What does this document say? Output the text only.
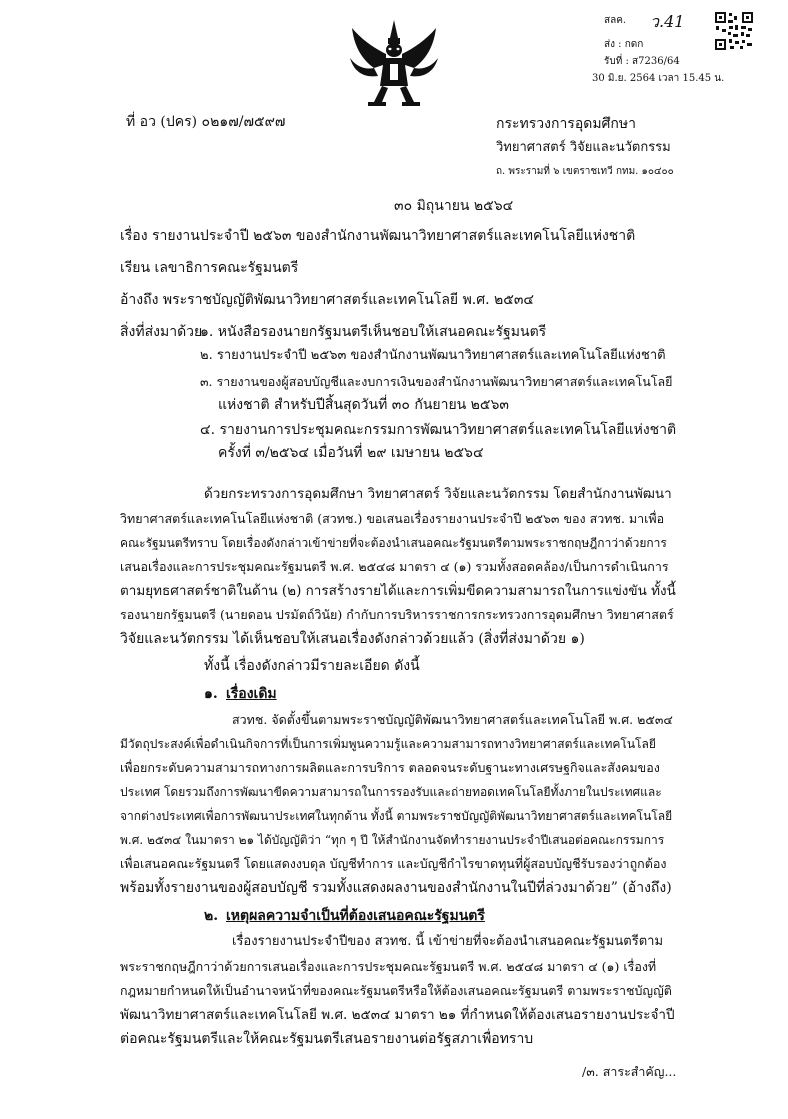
สลค. ว.41
ส่ง : กดก
รับที่ : ส7236/64
30 มิ.ย. 2564 เวลา 15.45 น.
ที่ อว (ปคร) ๐๒๑๗/๗๕๙๗	กระทรวงการอุดมศึกษา
วิทยาศาสตร์ วิจัยและนวัตกรรม
ถ. พระรามที่ ๖ เขตราชเทวี กทม. ๑๐๔๐๐
๓๐ มิถุนายน ๒๕๖๔
เรื่อง รายงานประจำปี ๒๕๖๓ ของสำนักงานพัฒนาวิทยาศาสตร์และเทคโนโลยีแห่งชาติ
เรียน เลขาธิการคณะรัฐมนตรี
อ้างถึง พระราชบัญญัติพัฒนาวิทยาศาสตร์และเทคโนโลยี พ.ศ. ๒๕๓๔
สิ่งที่ส่งมาด้วย
๑. หนังสือรองนายกรัฐมนตรีเห็นชอบให้เสนอคณะรัฐมนตรี
๒. รายงานประจำปี ๒๕๖๓ ของสำนักงานพัฒนาวิทยาศาสตร์และเทคโนโลยีแห่งชาติ
๓. รายงานของผู้สอบบัญชีและงบการเงินของสำนักงานพัฒนาวิทยาศาสตร์และเทคโนโลยี
แห่งชาติ สำหรับปีสิ้นสุดวันที่ ๓๐ กันยายน ๒๕๖๓
๔. รายงานการประชุมคณะกรรมการพัฒนาวิทยาศาสตร์และเทคโนโลยีแห่งชาติ
ครั้งที่ ๓/๒๕๖๔ เมื่อวันที่ ๒๙ เมษายน ๒๕๖๔
ด้วยกระทรวงการอุดมศึกษา วิทยาศาสตร์ วิจัยและนวัตกรรม โดยสำนักงานพัฒนา
วิทยาศาสตร์และเทคโนโลยีแห่งชาติ (สวทช.) ขอเสนอเรื่องรายงานประจำปี ๒๕๖๓ ของ สวทช. มาเพื่อ
คณะรัฐมนตรีทราบ โดยเรื่องดังกล่าวเข้าข่ายที่จะต้องนำเสนอคณะรัฐมนตรีตามพระราชกฤษฎีกาว่าด้วยการ
เสนอเรื่องและการประชุมคณะรัฐมนตรี พ.ศ. ๒๕๔๘ มาตรา ๔ (๑) รวมทั้งสอดคล้อง/เป็นการดำเนินการ
ตามยุทธศาสตร์ชาติในด้าน (๒) การสร้างรายได้และการเพิ่มขีดความสามารถในการแข่งขัน ทั้งนี้
รองนายกรัฐมนตรี (นายดอน ปรมัตถ์วินัย) กำกับการบริหารราชการกระทรวงการอุดมศึกษา วิทยาศาสตร์
วิจัยและนวัตกรรม ได้เห็นชอบให้เสนอเรื่องดังกล่าวด้วยแล้ว (สิ่งที่ส่งมาด้วย ๑)
ทั้งนี้ เรื่องดังกล่าวมีรายละเอียด ดังนี้
๑. เรื่องเดิม
สวทช. จัดตั้งขึ้นตามพระราชบัญญัติพัฒนาวิทยาศาสตร์และเทคโนโลยี พ.ศ. ๒๕๓๔
มีวัตถุประสงค์เพื่อดำเนินกิจการที่เป็นการเพิ่มพูนความรู้และความสามารถทางวิทยาศาสตร์และเทคโนโลยี
เพื่อยกระดับความสามารถทางการผลิตและการบริการ ตลอดจนระดับฐานะทางเศรษฐกิจและสังคมของ
ประเทศ โดยรวมถึงการพัฒนาขีดความสามารถในการรองรับและถ่ายทอดเทคโนโลยีทั้งภายในประเทศและ
จากต่างประเทศเพื่อการพัฒนาประเทศในทุกด้าน ทั้งนี้ ตามพระราชบัญญัติพัฒนาวิทยาศาสตร์และเทคโนโลยี
พ.ศ. ๒๕๓๔ ในมาตรา ๒๑ ได้บัญญัติว่า “ทุก ๆ ปี ให้สำนักงานจัดทำรายงานประจำปีเสนอต่อคณะกรรมการ
เพื่อเสนอคณะรัฐมนตรี โดยแสดงงบดุล บัญชีทำการ และบัญชีกำไรขาดทุนที่ผู้สอบบัญชีรับรองว่าถูกต้อง
พร้อมทั้งรายงานของผู้สอบบัญชี รวมทั้งแสดงผลงานของสำนักงานในปีที่ล่วงมาด้วย” (อ้างถึง)
๒. เหตุผลความจำเป็นที่ต้องเสนอคณะรัฐมนตรี
เรื่องรายงานประจำปีของ สวทช. นี้ เข้าข่ายที่จะต้องนำเสนอคณะรัฐมนตรีตาม
พระราชกฤษฎีกาว่าด้วยการเสนอเรื่องและการประชุมคณะรัฐมนตรี พ.ศ. ๒๕๔๘ มาตรา ๔ (๑) เรื่องที่
กฎหมายกำหนดให้เป็นอำนาจหน้าที่ของคณะรัฐมนตรีหรือให้ต้องเสนอคณะรัฐมนตรี ตามพระราชบัญญัติ
พัฒนาวิทยาศาสตร์และเทคโนโลยี พ.ศ. ๒๕๓๔ มาตรา ๒๑ ที่กำหนดให้ต้องเสนอรายงานประจำปี
ต่อคณะรัฐมนตรีและให้คณะรัฐมนตรีเสนอรายงานต่อรัฐสภาเพื่อทราบ
/๓. สาระสำคัญ...
